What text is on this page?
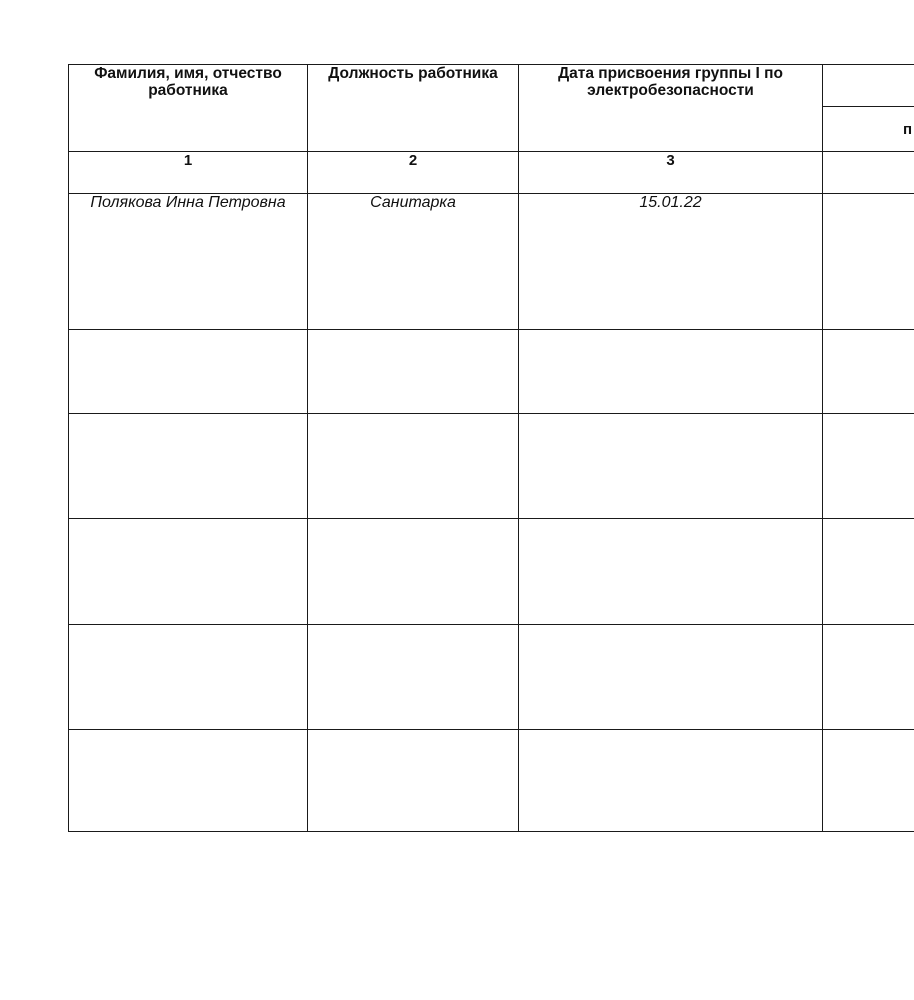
Фамилия, имя, отчество работника	Должность работника	Дата присвоения группы I по электробезопасности	п

1	2	3	
Полякова Инна Петровна	Санитарка	15.01.22	
